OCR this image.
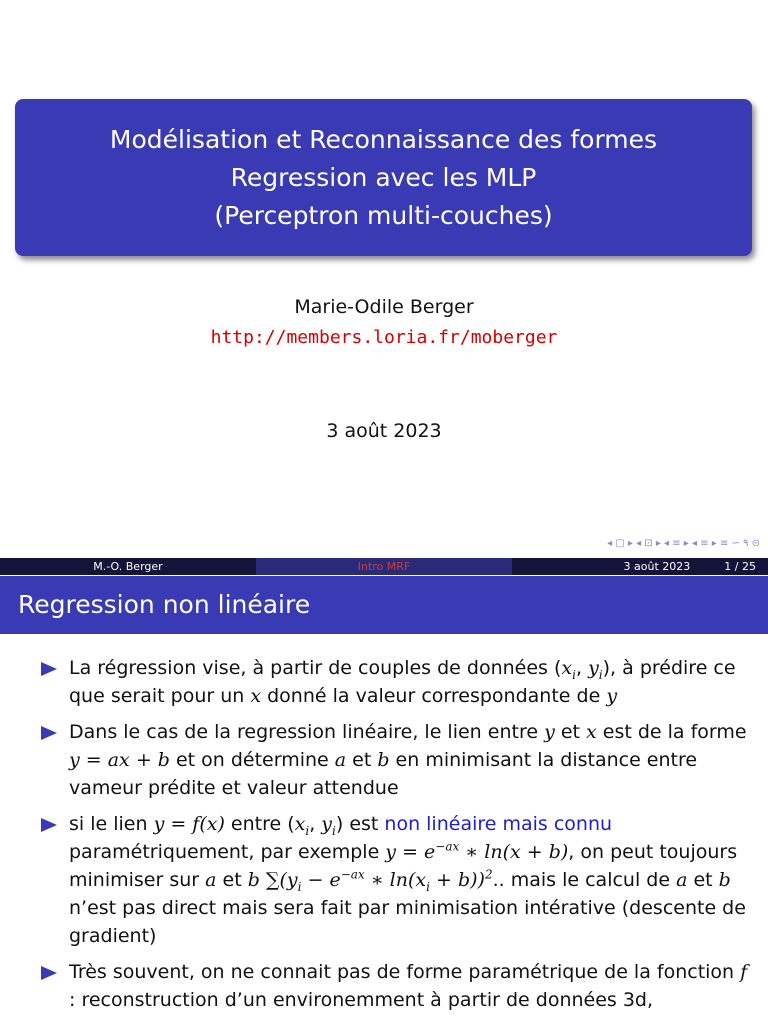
Modélisation et Reconnaissance des formes
Regression avec les MLP
(Perceptron multi-couches)
Marie-Odile Berger
http://members.loria.fr/moberger
3 août 2023
◂ ▢ ▸ ◂ ⊡ ▸ ◂ ≡ ▸ ◂ ≡ ▸ ≡ ∽ ۹ ⊝
M.-O. Berger	Intro MRF	3 août 2023	1 / 25
Regression non linéaire
La régression vise, à partir de couples de données ($x_i$, $y_i$), à prédire ce que serait pour un x donné la valeur correspondante de y
Dans le cas de la regression linéaire, le lien entre y et x est de la forme y = ax + b et on détermine a et b en minimisant la distance entre vameur prédite et valeur attendue
si le lien y = f(x) entre ($x_i$, $y_i$) est non linéaire mais connu paramétriquement, par exemple $y = e^{-ax}$ ∗ ln(x + b), on peut toujours minimiser sur a et b $\sum(y_i - e^{-ax}$ ∗ $\ln(x_i + b))^2$.. mais le calcul de a et b n’est pas direct mais sera fait par minimisation intérative (descente de gradient)
Très souvent, on ne connait pas de forme paramétrique de la fonction f : reconstruction d’un environemment à partir de données 3d,
